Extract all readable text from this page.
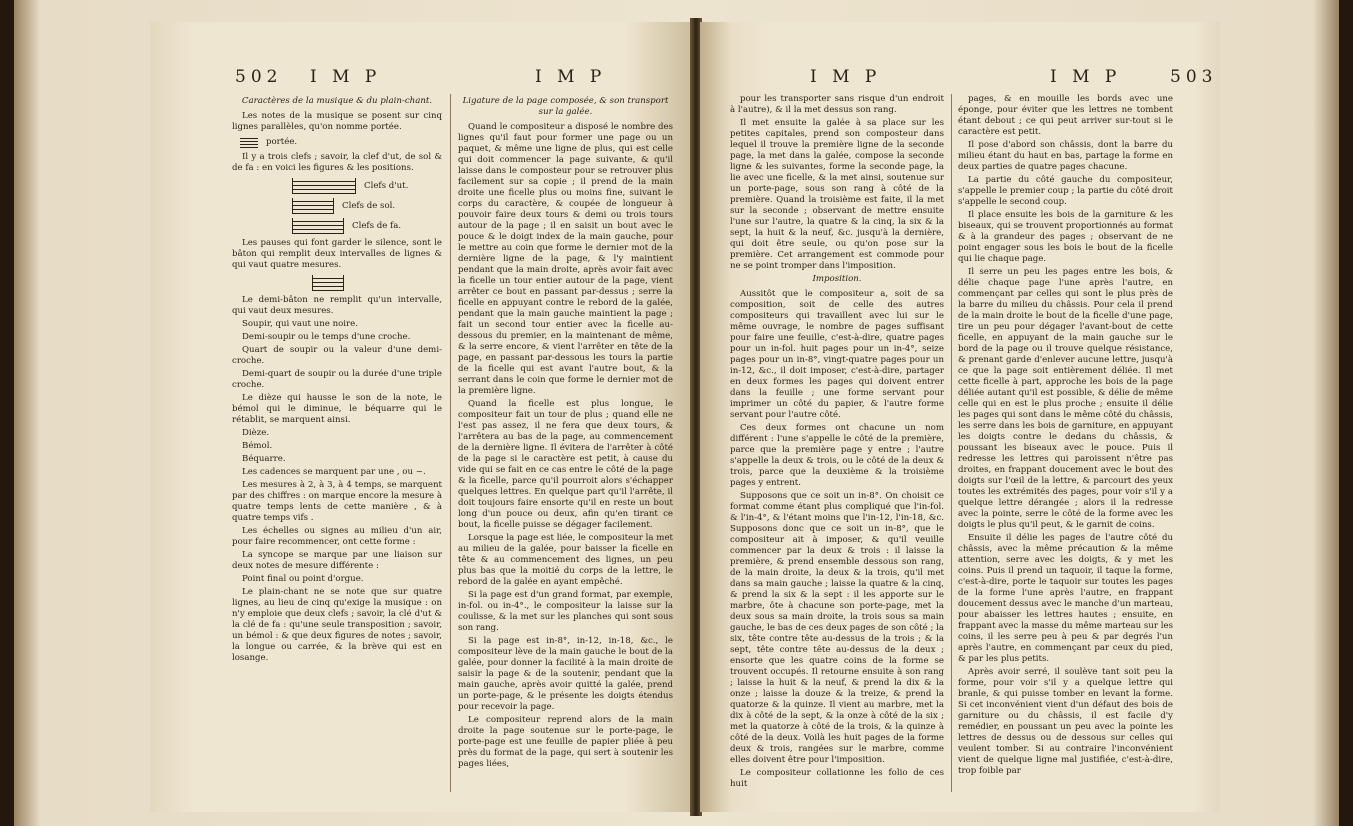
502 I M P	I M P

Caractères de la musique & du plain-chant.

Les notes de la musique se posent sur cinq lignes parallèles, qu'on nomme portée.

portée.

Il y a trois clefs ; savoir, la clef d'ut, de sol & de fa : en voici les figures & les positions.

Clefs d'ut.
Clefs de sol.
Clefs de fa.

Les pauses qui font garder le silence, sont le bâton qui remplit deux intervalles de lignes & qui vaut quatre mesures.

Le demi-bâton ne remplit qu'un intervalle, qui vaut deux mesures.

Soupir, qui vaut une noire.

Demi-soupir ou le temps d'une croche.

Quart de soupir ou la valeur d'une demi-croche.

Demi-quart de soupir ou la durée d'une triple croche.

Le dièze qui hausse le son de la note, le bémol qui le diminue, le béquarre qui le rétablit, se marquent ainsi.

Dièze.

Bémol.

Béquarre.

Les cadences se marquent par une , ou ~.

Les mesures à 2, à 3, à 4 temps, se marquent par des chiffres : on marque encore la mesure à quatre temps lents de cette manière , & à quatre temps vifs .

Les échelles ou signes au milieu d'un air, pour faire recommencer, ont cette forme :

La syncope se marque par une liaison sur deux notes de mesure différente :

Point final ou point d'orgue.

Le plain-chant ne se note que sur quatre lignes, au lieu de cinq qu'exige la musique : on n'y emploie que deux clefs ; savoir, la clé d'ut & la clé de fa : qu'une seule transposition ; savoir, un bémol : & que deux figures de notes ; savoir, la longue ou carrée, & la brève qui est en losange.

Ligature de la page composée, & son transport sur la galée.

Quand le compositeur a disposé le nombre des lignes qu'il faut pour former une page ou un paquet, & même une ligne de plus, qui est celle qui doit commencer la page suivante, & qu'il laisse dans le composteur pour se retrouver plus facilement sur sa copie ; il prend de la main droite une ficelle plus ou moins fine, suivant le corps du caractère, & coupée de longueur à pouvoir faire deux tours & demi ou trois tours autour de la page ; il en saisit un bout avec le pouce & le doigt index de la main gauche, pour le mettre au coin que forme le dernier mot de la dernière ligne de la page, & l'y maintient pendant que la main droite, après avoir fait avec la ficelle un tour entier autour de la page, vient arrêter ce bout en passant par-dessus ; serre la ficelle en appuyant contre le rebord de la galée, pendant que la main gauche maintient la page ; fait un second tour entier avec la ficelle au-dessous du premier, en la maintenant de même, & la serre encore, & vient l'arrêter en tête de la page, en passant par-dessous les tours la partie de la ficelle qui est avant l'autre bout, & la serrant dans le coin que forme le dernier mot de la première ligne.

Quand la ficelle est plus longue, le compositeur fait un tour de plus ; quand elle ne l'est pas assez, il ne fera que deux tours, & l'arrêtera au bas de la page, au commencement de la dernière ligne. Il évitera de l'arrêter à côté de la page si le caractère est petit, à cause du vide qui se fait en ce cas entre le côté de la page & la ficelle, parce qu'il pourroit alors s'échapper quelques lettres. En quelque part qu'il l'arrête, il doit toujours faire ensorte qu'il en reste un bout long d'un pouce ou deux, afin qu'en tirant ce bout, la ficelle puisse se dégager facilement.

Lorsque la page est liée, le compositeur la met au milieu de la galée, pour baisser la ficelle en tête & au commencement des lignes, un peu plus bas que la moitié du corps de la lettre, le rebord de la galée en ayant empêché.

Si la page est d'un grand format, par exemple, in-fol. ou in-4°., le compositeur la laisse sur la coulisse, & la met sur les planches qui sont sous son rang.

Si la page est in-8°, in-12, in-18, &c., le compositeur lève de la main gauche le bout de la galée, pour donner la facilité à la main droite de saisir la page & de la soutenir, pendant que la main gauche, après avoir quitté la galée, prend un porte-page, & le présente les doigts étendus pour recevoir la page.

Le compositeur reprend alors de la main droite la page soutenue sur le porte-page, le porte-page est une feuille de papier pliée à peu près du format de la page, qui sert à soutenir les pages liées,

I M P	I M P	503

pour les transporter sans risque d'un endroit à l'autre), & il la met dessus son rang.

Il met ensuite la galée à sa place sur les petites capitales, prend son composteur dans lequel il trouve la première ligne de la seconde page, la met dans la galée, compose la seconde ligne & les suivantes, forme la seconde page, la lie avec une ficelle, & la met ainsi, soutenue sur un porte-page, sous son rang à côté de la première. Quand la troisième est faite, il la met sur la seconde ; observant de mettre ensuite l'une sur l'autre, la quatre & la cinq, la six & la sept, la huit & la neuf, &c. jusqu'à la dernière, qui doit être seule, ou qu'on pose sur la première. Cet arrangement est commode pour ne se point tromper dans l'imposition.

Imposition.

Aussitôt que le compositeur a, soit de sa composition, soit de celle des autres compositeurs qui travaillent avec lui sur le même ouvrage, le nombre de pages suffisant pour faire une feuille, c'est-à-dire, quatre pages pour un in-fol. huit pages pour un in-4°, seize pages pour un in-8°, vingt-quatre pages pour un in-12, &c., il doit imposer, c'est-à-dire, partager en deux formes les pages qui doivent entrer dans la feuille ; une forme servant pour imprimer un côté du papier, & l'autre forme servant pour l'autre côté.

Ces deux formes ont chacune un nom différent : l'une s'appelle le côté de la première, parce que la première page y entre ; l'autre s'appelle la deux & trois, ou le côté de la deux & trois, parce que la deuxième & la troisième pages y entrent.

Supposons que ce soit un in-8°. On choisit ce format comme étant plus compliqué que l'in-fol. & l'in-4°, & l'étant moins que l'in-12, l'in-18, &c. Supposons donc que ce soit un in-8°, que le compositeur ait à imposer, & qu'il veuille commencer par la deux & trois : il laisse la première, & prend ensemble dessous son rang, de la main droite, la deux & la trois, qu'il met dans sa main gauche ; laisse la quatre & la cinq, & prend la six & la sept : il les apporte sur le marbre, ôte à chacune son porte-page, met la deux sous sa main droite, la trois sous sa main gauche, le bas de ces deux pages de son côté ; la six, tête contre tête au-dessus de la trois ; & la sept, tête contre tête au-dessus de la deux ; ensorte que les quatre coins de la forme se trouvent occupés. Il retourne ensuite à son rang ; laisse la huit & la neuf, & prend la dix & la onze ; laisse la douze & la treize, & prend la quatorze & la quinze. Il vient au marbre, met la dix à côté de la sept, & la onze à côté de la six ; met la quatorze à côté de la trois, & la quinze à côté de la deux. Voilà les huit pages de la forme deux & trois, rangées sur le marbre, comme elles doivent être pour l'imposition.

Le compositeur collationne les folio de ces huit

pages, & en mouille les bords avec une éponge, pour éviter que les lettres ne tombent étant debout ; ce qui peut arriver sur-tout si le caractère est petit.

Il pose d'abord son châssis, dont la barre du milieu étant du haut en bas, partage la forme en deux parties de quatre pages chacune.

La partie du côté gauche du compositeur, s'appelle le premier coup ; la partie du côté droit s'appelle le second coup.

Il place ensuite les bois de la garniture & les biseaux, qui se trouvent proportionnés au format & à la grandeur des pages ; observant de ne point engager sous les bois le bout de la ficelle qui lie chaque page.

Il serre un peu les pages entre les bois, & délie chaque page l'une après l'autre, en commençant par celles qui sont le plus près de la barre du milieu du châssis. Pour cela il prend de la main droite le bout de la ficelle d'une page, tire un peu pour dégager l'avant-bout de cette ficelle, en appuyant de la main gauche sur le bord de la page ou il trouve quelque résistance, & prenant garde d'enlever aucune lettre, jusqu'à ce que la page soit entièrement déliée. Il met cette ficelle à part, approche les bois de la page déliée autant qu'il est possible, & délie de même celle qui en est le plus proche ; ensuite il délie les pages qui sont dans le même côté du châssis, les serre dans les bois de garniture, en appuyant les doigts contre le dedans du châssis, & poussant les biseaux avec le pouce. Puis il redresse les lettres qui paroissent n'être pas droites, en frappant doucement avec le bout des doigts sur l'œil de la lettre, & parcourt des yeux toutes les extrémités des pages, pour voir s'il y a quelque lettre dérangée ; alors il la redresse avec la pointe, serre le côté de la forme avec les doigts le plus qu'il peut, & le garnit de coins.

Ensuite il délie les pages de l'autre côté du châssis, avec la même précaution & la même attention, serre avec les doigts, & y met les coins. Puis il prend un taquoir, il taque la forme, c'est-à-dire, porte le taquoir sur toutes les pages de la forme l'une après l'autre, en frappant doucement dessus avec le manche d'un marteau, pour abaisser les lettres hautes ; ensuite, en frappant avec la masse du même marteau sur les coins, il les serre peu à peu & par degrés l'un après l'autre, en commençant par ceux du pied, & par les plus petits.

Après avoir serré, il soulève tant soit peu la forme, pour voir s'il y a quelque lettre qui branle, & qui puisse tomber en levant la forme. Si cet inconvénient vient d'un défaut des bois de garniture ou du châssis, il est facile d'y remédier, en poussant un peu avec la pointe les lettres de dessus ou de dessous sur celles qui veulent tomber. Si au contraire l'inconvénient vient de quelque ligne mal justifiée, c'est-à-dire, trop foible par
